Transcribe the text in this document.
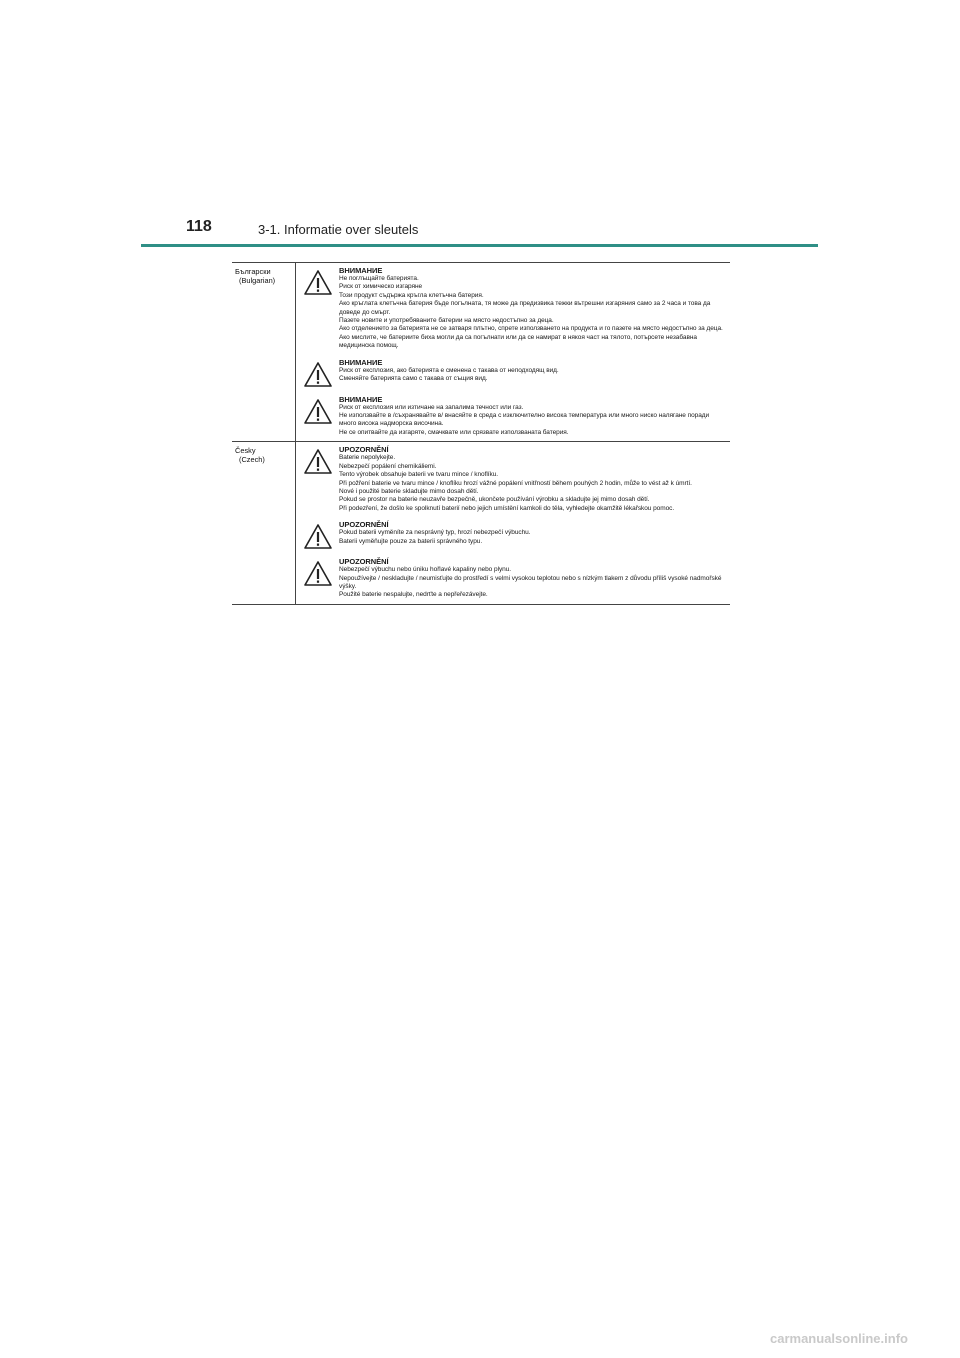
118	3-1. Informatie over sleutels
Български
(Bulgarian)
ВНИМАНИЕ
Не поглъщайте батерията.
Риск от химическо изгаряне
Този продукт съдържа кръгла клетъчна батерия.
Ако кръглата клетъчна батерия бъде погълната, тя може да предизвика тежки вътрешни изгаряния само за 2 часа и това да доведе до смърт.
Пазете новите и употребяваните батерии на място недостъпно за деца.
Ако отделението за батерията не се затваря плътно, спрете използването на продукта и го пазете на място недостъпно за деца.
Ако мислите, че батериите биха могли да са погълнати или да се намират в някоя част на тялото, потърсете незабавна медицинска помощ.
ВНИМАНИЕ
Риск от експлозия, ако батерията е сменена с такава от неподходящ вид.
Сменяйте батерията само с такава от същия вид.
ВНИМАНИЕ
Риск от експлозия или изтичане на запалима течност или газ.
Не използвайте в /съхранявайте в/ внасяйте в среда с изключително висока температура или много ниско налягане поради много висока надморска височина.
Не се опитвайте да изгаряте, смачквате или срязвате използваната батерия.
Česky
(Czech)
UPOZORNĚNÍ
Baterie nepolykejte.
Nebezpečí popálení chemikáliemi.
Tento výrobek obsahuje baterii ve tvaru mince / knoflíku.
Při požření baterie ve tvaru mince / knoflíku hrozí vážné popálení vnitřností během pouhých 2 hodin, může to vést až k úmrtí.
Nové i použité baterie skladujte mimo dosah dětí.
Pokud se prostor na baterie neuzavře bezpečně, ukončete používání výrobku a skladujte jej mimo dosah dětí.
Při podezření, že došlo ke spolknutí baterií nebo jejich umístění kamkoli do těla, vyhledejte okamžitě lékařskou pomoc.
UPOZORNĚNÍ
Pokud baterii vyměníte za nesprávný typ, hrozí nebezpečí výbuchu.
Baterii vyměňujte pouze za baterii správného typu.
UPOZORNĚNÍ
Nebezpečí výbuchu nebo úniku hořlavé kapaliny nebo plynu.
Nepoužívejte / neskladujte / neumisťujte do prostředí s velmi vysokou teplotou nebo s nízkým tlakem z důvodu příliš vysoké nadmořské výšky.
Použité baterie nespalujte, nedrťte a nepřeřezávejte.
carmanualsonline.info
